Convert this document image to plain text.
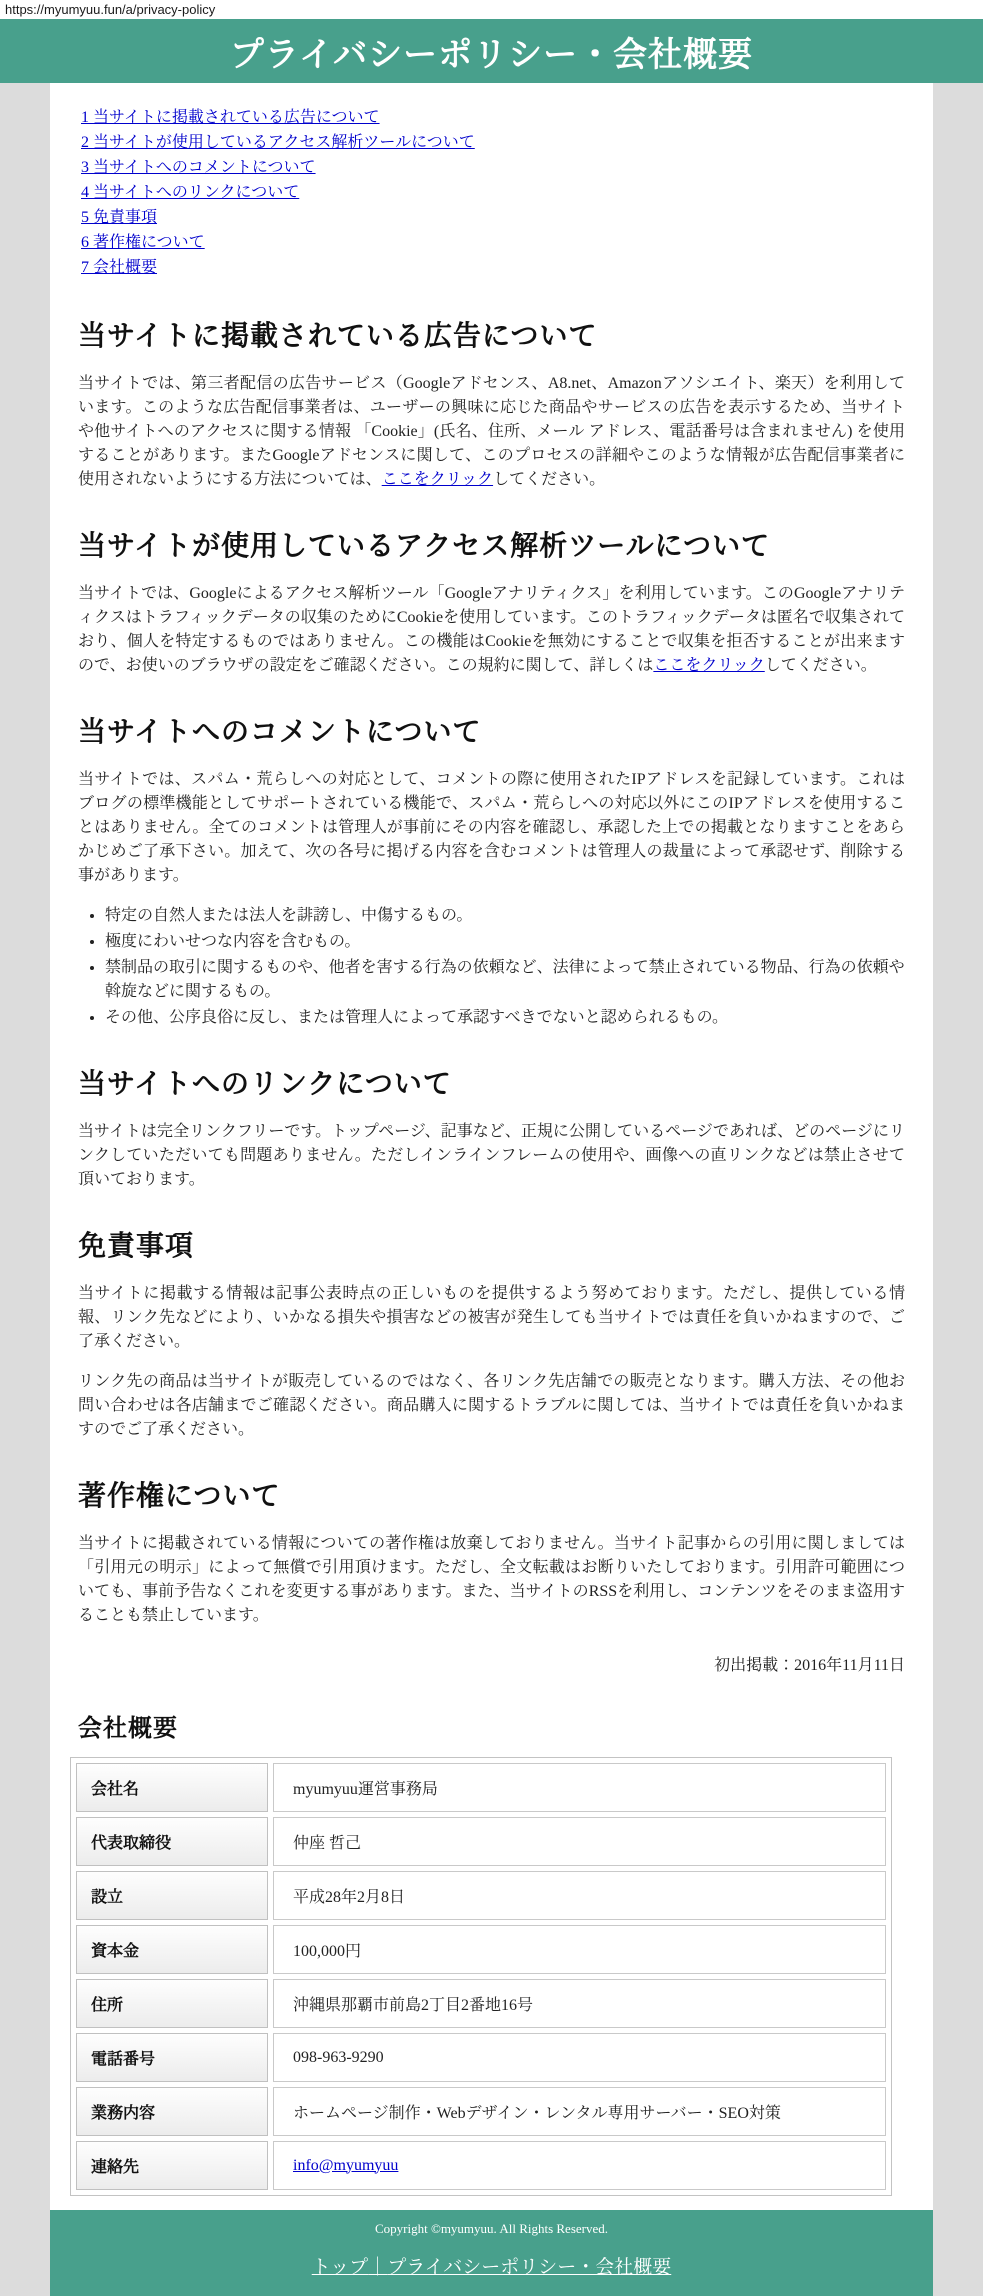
https://myumyuu.fun/a/privacy-policy
プライバシーポリシー・会社概要
1 当サイトに掲載されている広告について
2 当サイトが使用しているアクセス解析ツールについて
3 当サイトへのコメントについて
4 当サイトへのリンクについて
5 免責事項
6 著作権について
7 会社概要
当サイトに掲載されている広告について

当サイトでは、第三者配信の広告サービス（Googleアドセンス、A8.net、Amazonアソシエイト、楽天）を利用しています。このような広告配信事業者は、ユーザーの興味に応じた商品やサービスの広告を表示するため、当サイトや他サイトへのアクセスに関する情報 「Cookie」(氏名、住所、メール アドレス、電話番号は含まれません) を使用することがあります。またGoogleアドセンスに関して、このプロセスの詳細やこのような情報が広告配信事業者に使用されないようにする方法については、ここをクリックしてください。

当サイトが使用しているアクセス解析ツールについて

当サイトでは、Googleによるアクセス解析ツール「Googleアナリティクス」を利用しています。このGoogleアナリティクスはトラフィックデータの収集のためにCookieを使用しています。このトラフィックデータは匿名で収集されており、個人を特定するものではありません。この機能はCookieを無効にすることで収集を拒否することが出来ますので、お使いのブラウザの設定をご確認ください。この規約に関して、詳しくはここをクリックしてください。

当サイトへのコメントについて

当サイトでは、スパム・荒らしへの対応として、コメントの際に使用されたIPアドレスを記録しています。これはブログの標準機能としてサポートされている機能で、スパム・荒らしへの対応以外にこのIPアドレスを使用することはありません。全てのコメントは管理人が事前にその内容を確認し、承認した上での掲載となりますことをあらかじめご了承下さい。加えて、次の各号に掲げる内容を含むコメントは管理人の裁量によって承認せず、削除する事があります。

• 特定の自然人または法人を誹謗し、中傷するもの。
• 極度にわいせつな内容を含むもの。
• 禁制品の取引に関するものや、他者を害する行為の依頼など、法律によって禁止されている物品、行為の依頼や斡旋などに関するもの。
• その他、公序良俗に反し、または管理人によって承認すべきでないと認められるもの。
当サイトへのリンクについて

当サイトは完全リンクフリーです。トップページ、記事など、正規に公開しているページであれば、どのページにリンクしていただいても問題ありません。ただしインラインフレームの使用や、画像への直リンクなどは禁止させて頂いております。

免責事項

当サイトに掲載する情報は記事公表時点の正しいものを提供するよう努めております。ただし、提供している情報、リンク先などにより、いかなる損失や損害などの被害が発生しても当サイトでは責任を負いかねますので、ご了承ください。

リンク先の商品は当サイトが販売しているのではなく、各リンク先店舗での販売となります。購入方法、その他お問い合わせは各店舗までご確認ください。商品購入に関するトラブルに関しては、当サイトでは責任を負いかねますのでご了承ください。

著作権について

当サイトに掲載されている情報についての著作権は放棄しておりません。当サイト記事からの引用に関しましては「引用元の明示」によって無償で引用頂けます。ただし、全文転載はお断りいたしております。引用許可範囲についても、事前予告なくこれを変更する事があります。また、当サイトのRSSを利用し、コンテンツをそのまま盗用することも禁止しています。

初出掲載：2016年11月11日

会社概要
会社名	myumyuu運営事務局
代表取締役	仲座 哲己
設立	平成28年2月8日
資本金	100,000円
住所	沖縄県那覇市前島2丁目2番地16号
電話番号	098-963-9290
業務内容	ホームページ制作・Webデザイン・レンタル専用サーバー・SEO対策
連絡先	info@myumyuu
Copyright ©myumyuu. All Rights Reserved.
トップ｜プライバシーポリシー・会社概要
